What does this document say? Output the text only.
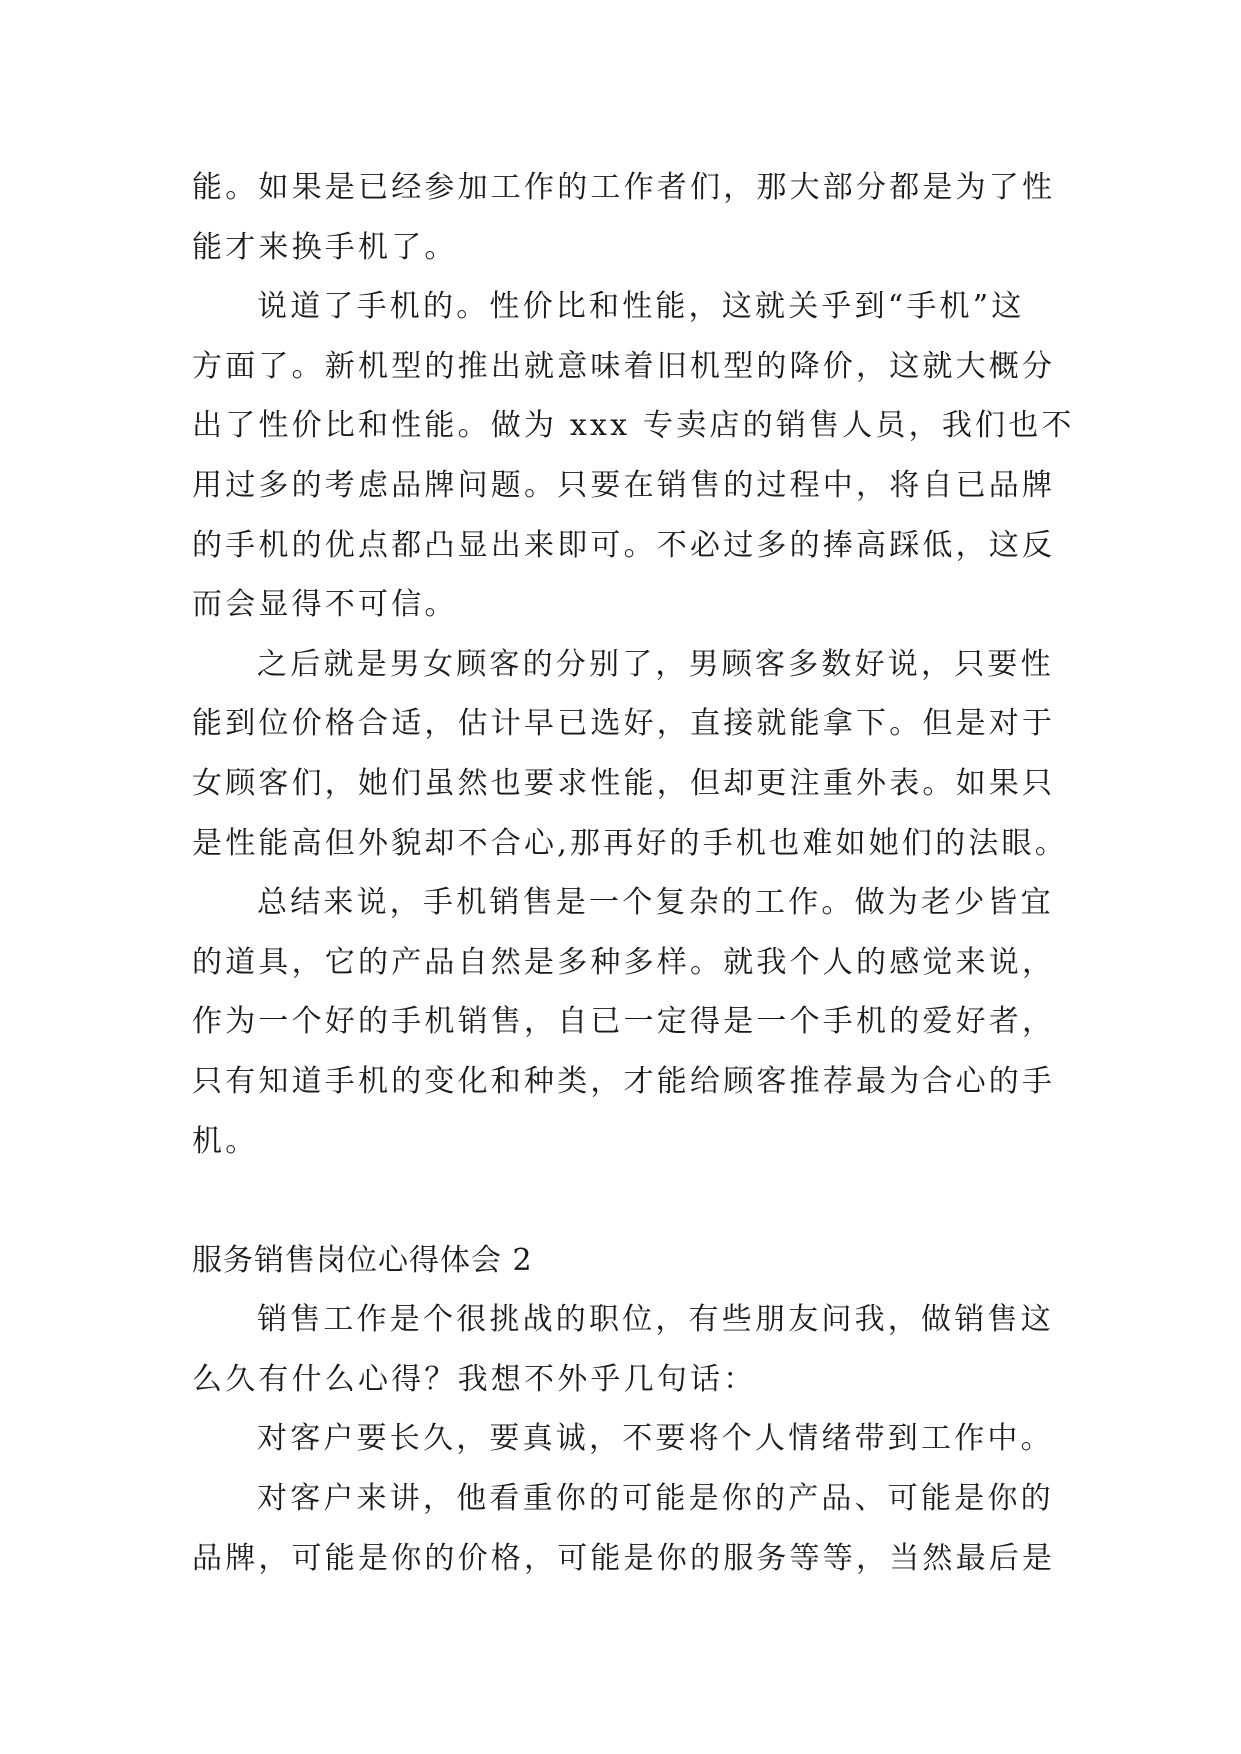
能。如果是已经参加工作的工作者们，那大部分都是为了性
能才来换手机了。
说道了手机的。性价比和性能，这就关乎到“手机”这
方面了。新机型的推出就意味着旧机型的降价，这就大概分
出了性价比和性能。做为 xxx 专卖店的销售人员，我们也不
用过多的考虑品牌问题。只要在销售的过程中，将自已品牌
的手机的优点都凸显出来即可。不必过多的捧高踩低，这反
而会显得不可信。
之后就是男女顾客的分别了，男顾客多数好说，只要性
能到位价格合适，估计早已选好，直接就能拿下。但是对于
女顾客们，她们虽然也要求性能，但却更注重外表。如果只
是性能高但外貌却不合心,那再好的手机也难如她们的法眼。
总结来说，手机销售是一个复杂的工作。做为老少皆宜
的道具，它的产品自然是多种多样。就我个人的感觉来说，
作为一个好的手机销售，自已一定得是一个手机的爱好者，
只有知道手机的变化和种类，才能给顾客推荐最为合心的手
机。
服务销售岗位心得体会 2
销售工作是个很挑战的职位，有些朋友问我，做销售这
么久有什么心得？我想不外乎几句话：
对客户要长久，要真诚，不要将个人情绪带到工作中。
对客户来讲，他看重你的可能是你的产品、可能是你的
品牌，可能是你的价格，可能是你的服务等等，当然最后是
